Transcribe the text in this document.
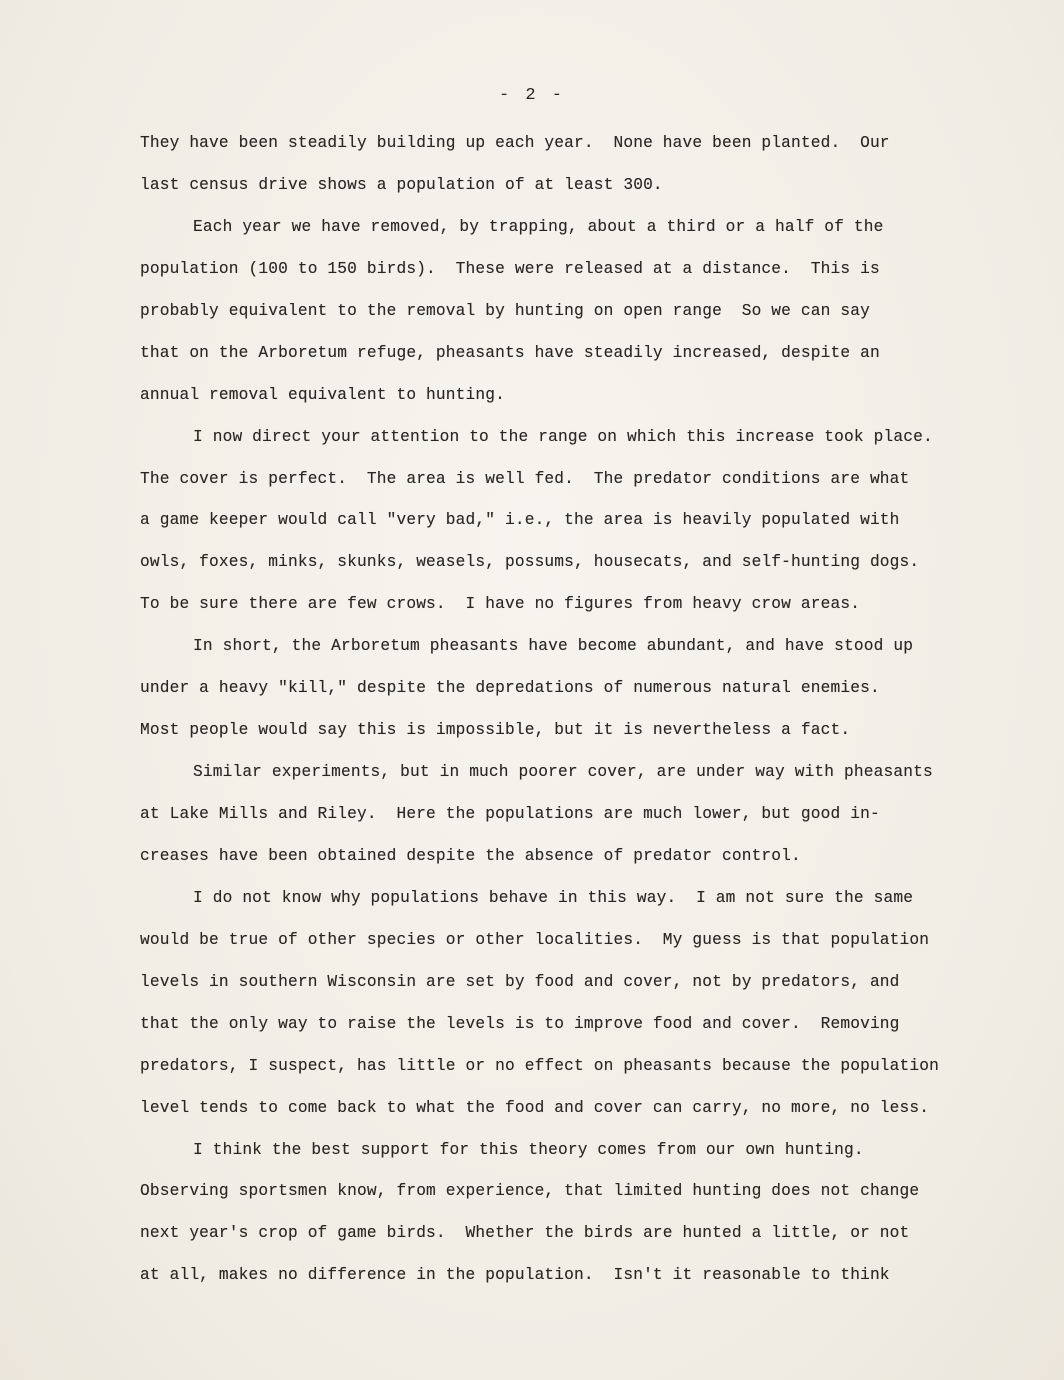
- 2 -
They have been steadily building up each year.  None have been planted.  Our
last census drive shows a population of at least 300.
Each year we have removed, by trapping, about a third or a half of the
population (100 to 150 birds).  These were released at a distance.  This is
probably equivalent to the removal by hunting on open range  So we can say
that on the Arboretum refuge, pheasants have steadily increased, despite an
annual removal equivalent to hunting.
I now direct your attention to the range on which this increase took place.
The cover is perfect.  The area is well fed.  The predator conditions are what
a game keeper would call "very bad," i.e., the area is heavily populated with
owls, foxes, minks, skunks, weasels, possums, housecats, and self-hunting dogs.
To be sure there are few crows.  I have no figures from heavy crow areas.
In short, the Arboretum pheasants have become abundant, and have stood up
under a heavy "kill," despite the depredations of numerous natural enemies.
Most people would say this is impossible, but it is nevertheless a fact.
Similar experiments, but in much poorer cover, are under way with pheasants
at Lake Mills and Riley.  Here the populations are much lower, but good in-
creases have been obtained despite the absence of predator control.
I do not know why populations behave in this way.  I am not sure the same
would be true of other species or other localities.  My guess is that population
levels in southern Wisconsin are set by food and cover, not by predators, and
that the only way to raise the levels is to improve food and cover.  Removing
predators, I suspect, has little or no effect on pheasants because the population
level tends to come back to what the food and cover can carry, no more, no less.
I think the best support for this theory comes from our own hunting.
Observing sportsmen know, from experience, that limited hunting does not change
next year's crop of game birds.  Whether the birds are hunted a little, or not
at all, makes no difference in the population.  Isn't it reasonable to think
